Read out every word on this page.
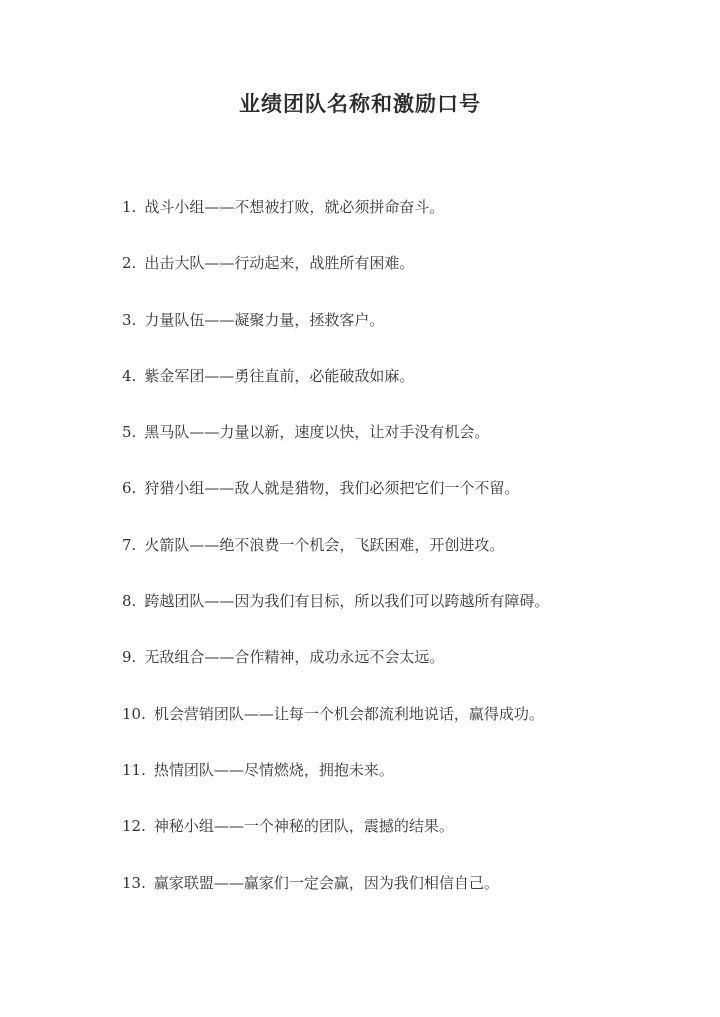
业绩团队名称和激励口号
1. 战斗小组——不想被打败，就必须拼命奋斗。
2. 出击大队——行动起来，战胜所有困难。
3. 力量队伍——凝聚力量，拯救客户。
4. 紫金军团——勇往直前，必能破敌如麻。
5. 黑马队——力量以新，速度以快，让对手没有机会。
6. 狩猎小组——敌人就是猎物，我们必须把它们一个不留。
7. 火箭队——绝不浪费一个机会，飞跃困难，开创进攻。
8. 跨越团队——因为我们有目标，所以我们可以跨越所有障碍。
9. 无敌组合——合作精神，成功永远不会太远。
10. 机会营销团队——让每一个机会都流利地说话，赢得成功。
11. 热情团队——尽情燃烧，拥抱未来。
12. 神秘小组——一个神秘的团队，震撼的结果。
13. 赢家联盟——赢家们一定会赢，因为我们相信自己。
